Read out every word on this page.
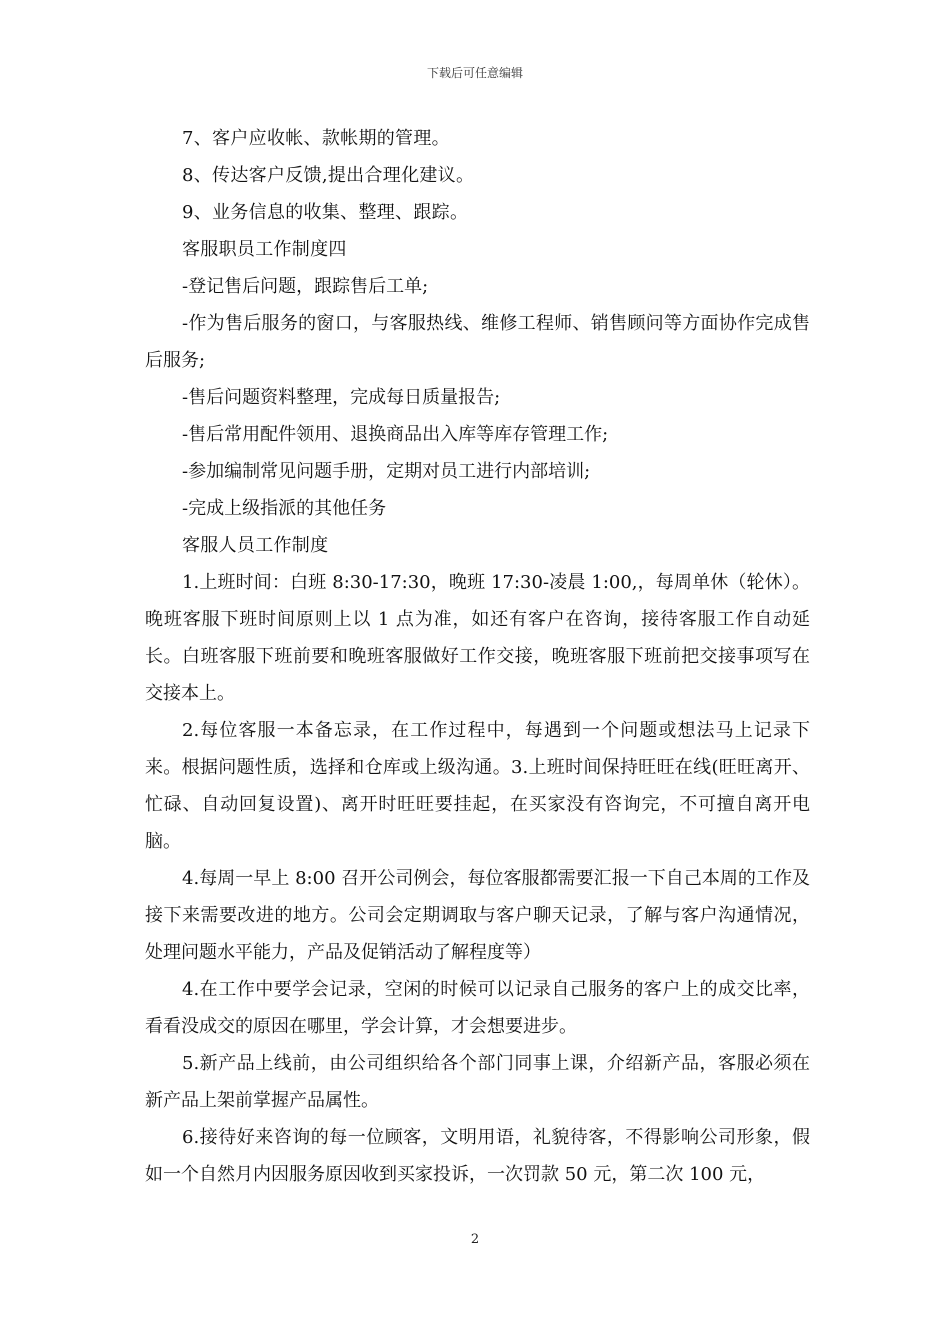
下载后可任意编辑

7、客户应收帐、款帐期的管理。

8、传达客户反馈,提出合理化建议。

9、业务信息的收集、整理、跟踪。

客服职员工作制度四

-登记售后问题，跟踪售后工单;

-作为售后服务的窗口，与客服热线、维修工程师、销售顾问等方面协作完成售后服务;

-售后问题资料整理，完成每日质量报告;

-售后常用配件领用、退换商品出入库等库存管理工作;

-参加编制常见问题手册，定期对员工进行内部培训;

-完成上级指派的其他任务

客服人员工作制度

1.上班时间：白班 8:30-17:30，晚班 17:30-凌晨 1:00,，每周单休（轮休）。晚班客服下班时间原则上以 1 点为准，如还有客户在咨询，接待客服工作自动延长。白班客服下班前要和晚班客服做好工作交接，晚班客服下班前把交接事项写在交接本上。

2.每位客服一本备忘录，在工作过程中，每遇到一个问题或想法马上记录下来。根据问题性质，选择和仓库或上级沟通。3.上班时间保持旺旺在线(旺旺离开、忙碌、自动回复设置)、离开时旺旺要挂起，在买家没有咨询完，不可擅自离开电脑。

4.每周一早上 8:00 召开公司例会，每位客服都需要汇报一下自己本周的工作及接下来需要改进的地方。公司会定期调取与客户聊天记录，了解与客户沟通情况，处理问题水平能力，产品及促销活动了解程度等）

4.在工作中要学会记录，空闲的时候可以记录自己服务的客户上的成交比率，看看没成交的原因在哪里，学会计算，才会想要进步。

5.新产品上线前，由公司组织给各个部门同事上课，介绍新产品，客服必须在新产品上架前掌握产品属性。

6.接待好来咨询的每一位顾客，文明用语，礼貌待客，不得影响公司形象，假如一个自然月内因服务原因收到买家投诉，一次罚款 50 元，第二次 100 元，

2
